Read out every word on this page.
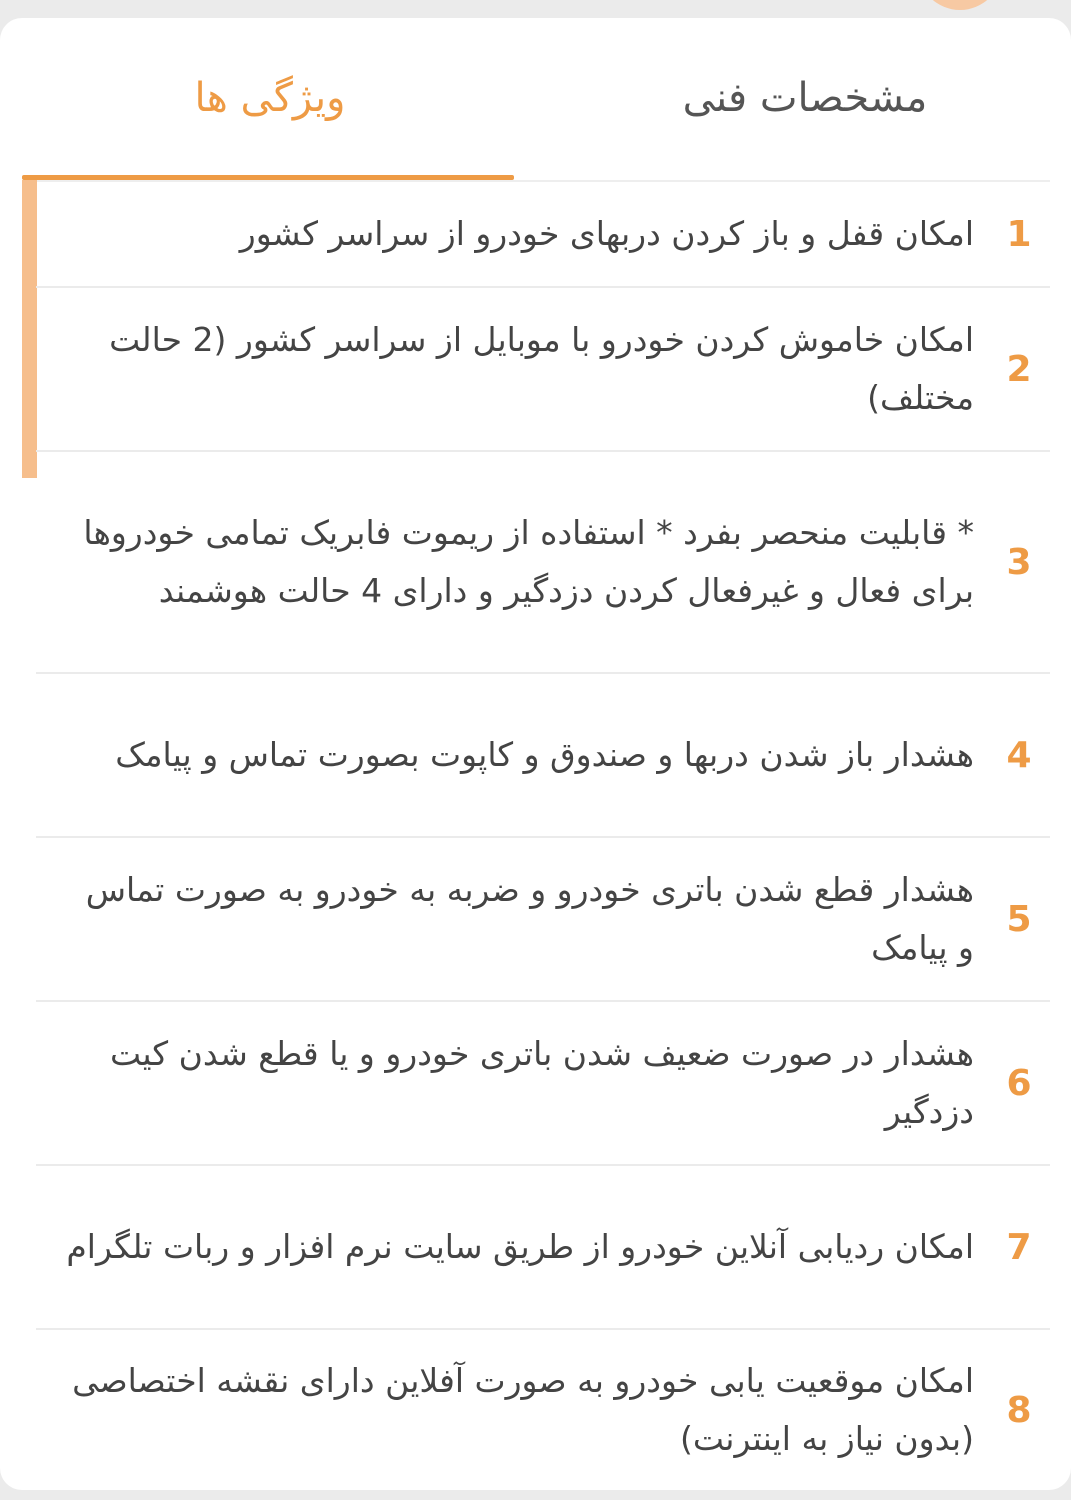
مشخصات فنی
ویژگی ها
1
امکان قفل و باز کردن دربهای خودرو از سراسر کشور
2
امکان خاموش کردن خودرو با موبایل از سراسر کشور (2 حالت مختلف)
3
* قابلیت منحصر بفرد * استفاده از ریموت فابریک تمامی خودروها برای فعال و غیرفعال کردن دزدگیر و دارای 4 حالت هوشمند
4
هشدار باز شدن دربها و صندوق و کاپوت بصورت تماس و پیامک
5
هشدار قطع شدن باتری خودرو و ضربه به خودرو به صورت تماس و پیامک
6
هشدار در صورت ضعیف شدن باتری خودرو و یا قطع شدن کیت دزدگیر
7
امکان ردیابی آنلاین خودرو از طریق سایت نرم افزار و ربات تلگرام
8
امکان موقعیت یابی خودرو به صورت آفلاین دارای نقشه اختصاصی (بدون نیاز به اینترنت)
